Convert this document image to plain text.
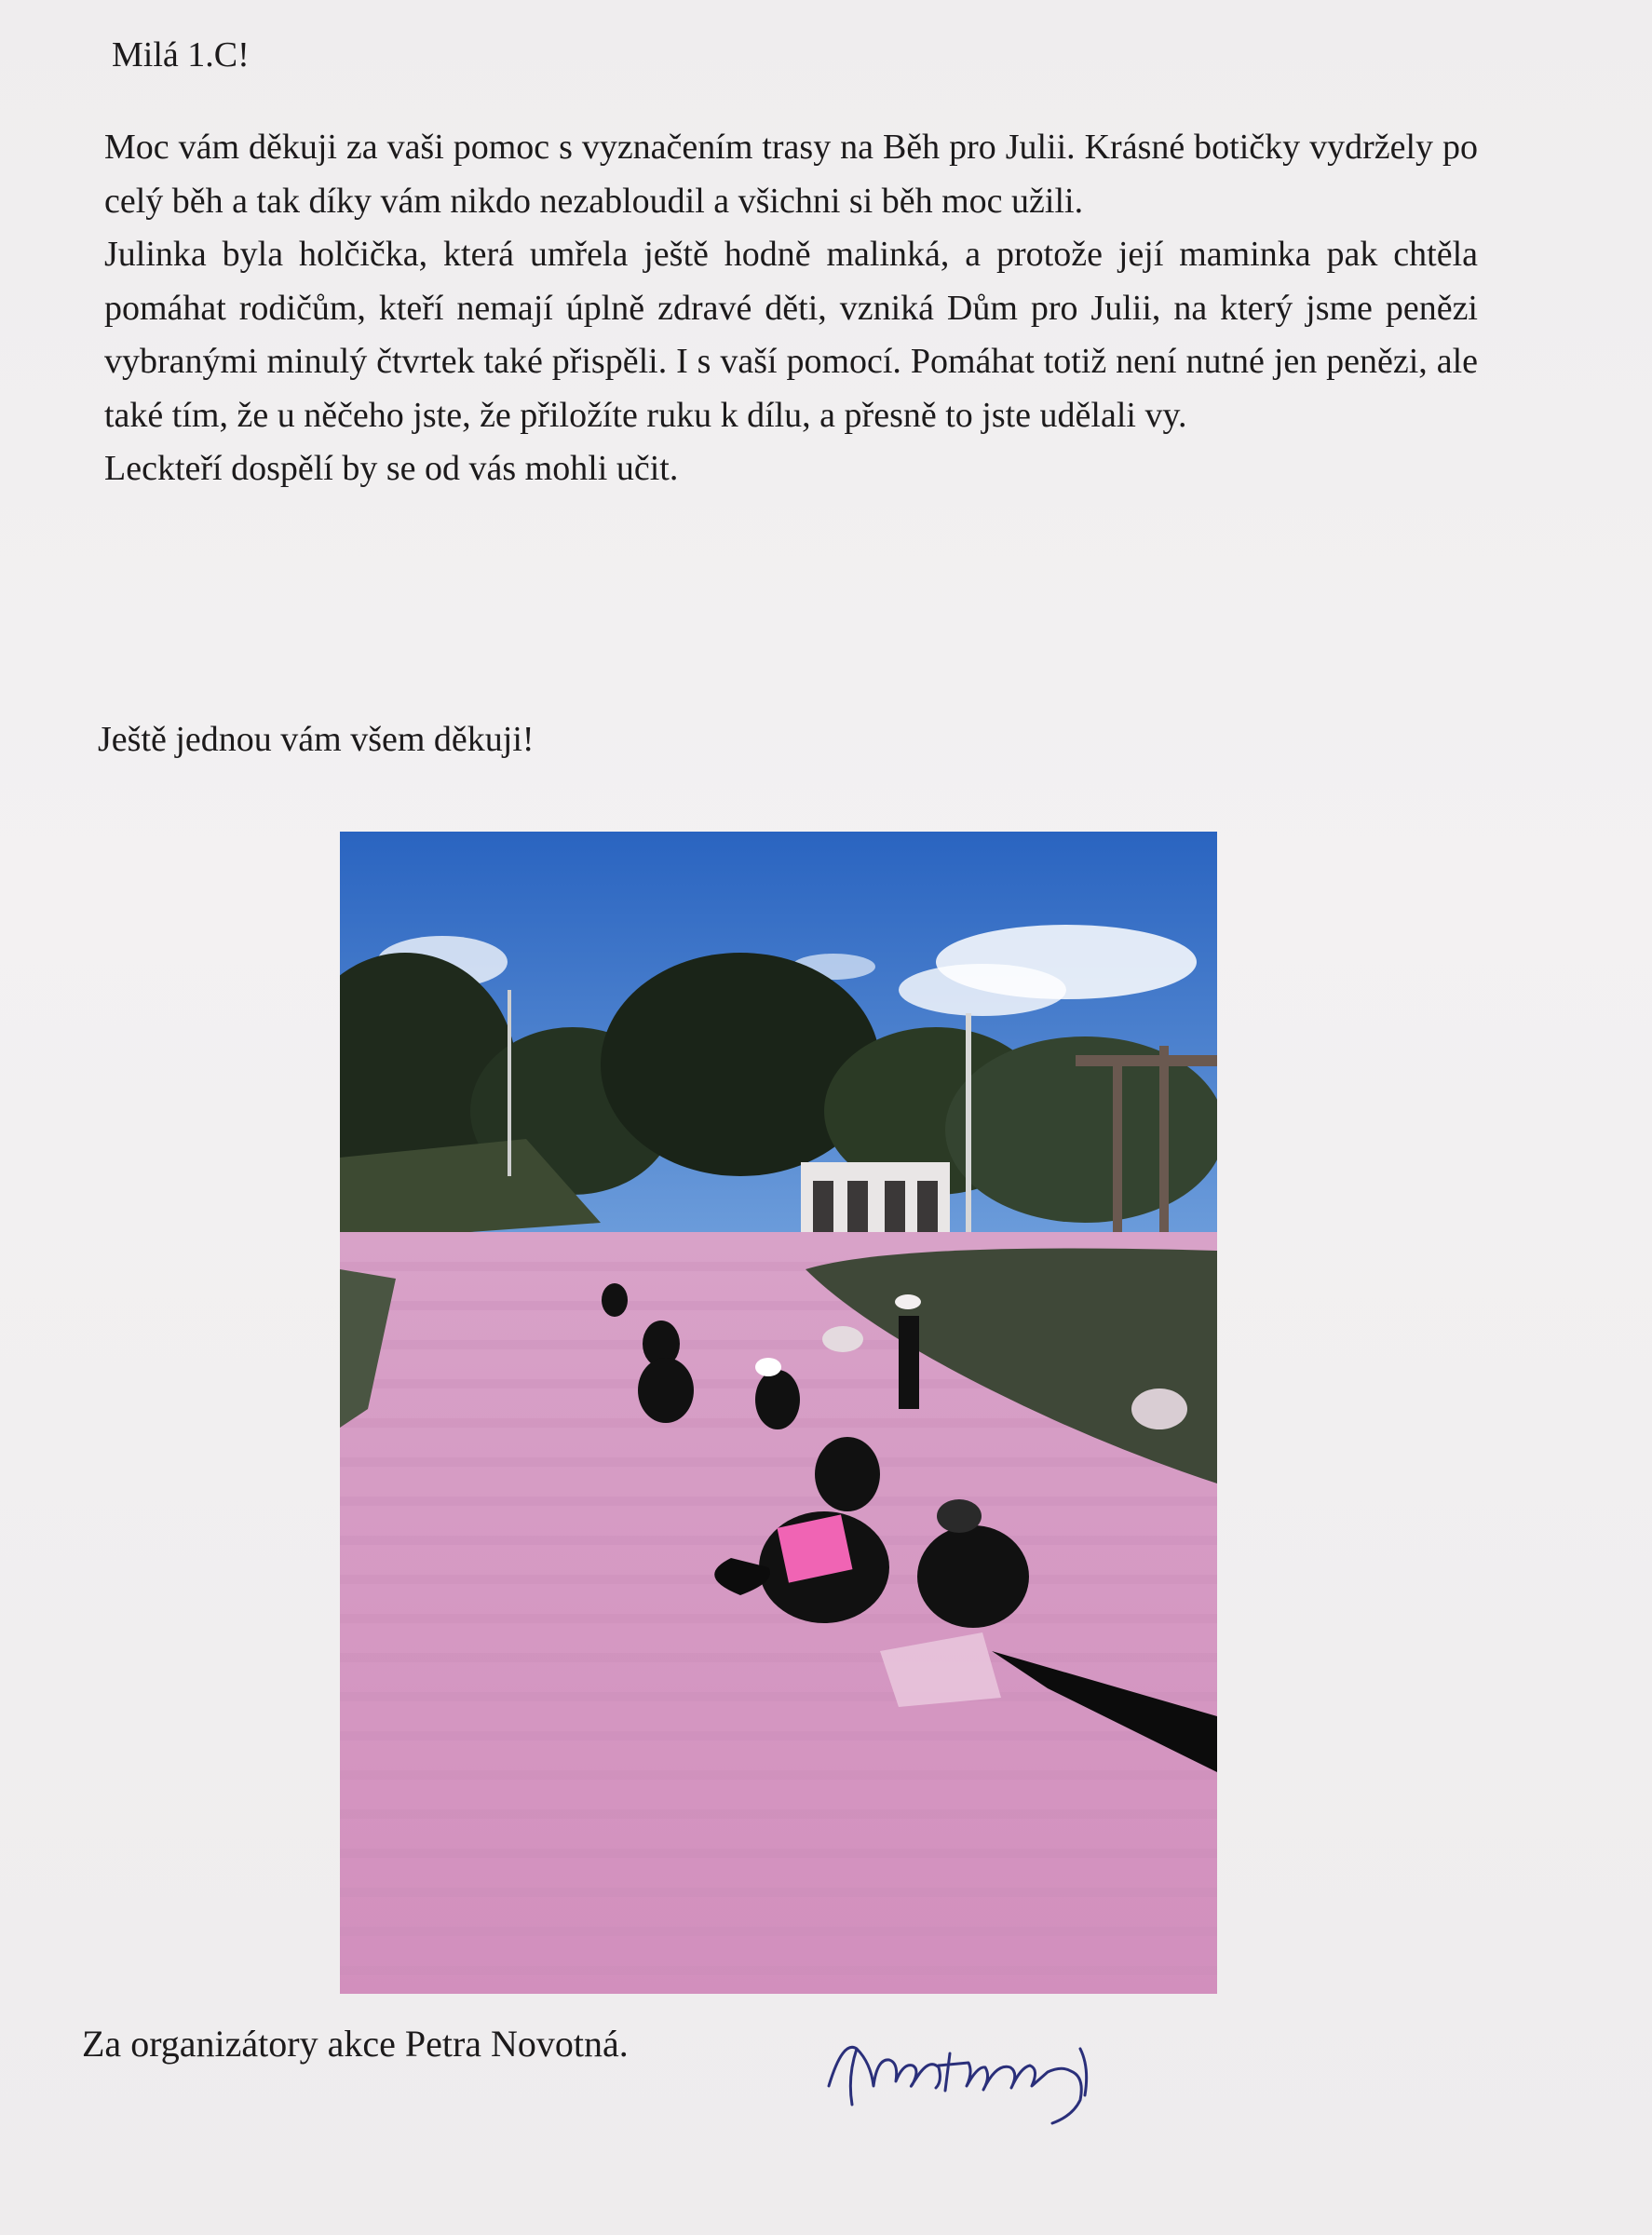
Milá 1.C!

Moc vám děkuji za vaši pomoc s vyznačením trasy na Běh pro Julii. Krásné botičky vydržely po celý běh a tak díky vám nikdo nezabloudil a všichni si běh moc užili.

Julinka byla holčička, která umřela ještě hodně malinká, a protože její maminka pak chtěla pomáhat rodičům, kteří nemají úplně zdravé děti, vzniká Dům pro Julii, na který jsme penězi vybranými minulý čtvrtek také přispěli. I s vaší pomocí. Pomáhat totiž není nutné jen penězi, ale také tím, že u něčeho jste, že přiložíte ruku k dílu, a přesně to jste udělali vy.

Leckteří dospělí by se od vás mohli učit.

Ještě jednou vám všem děkuji!
Za organizátory akce Petra Novotná.
